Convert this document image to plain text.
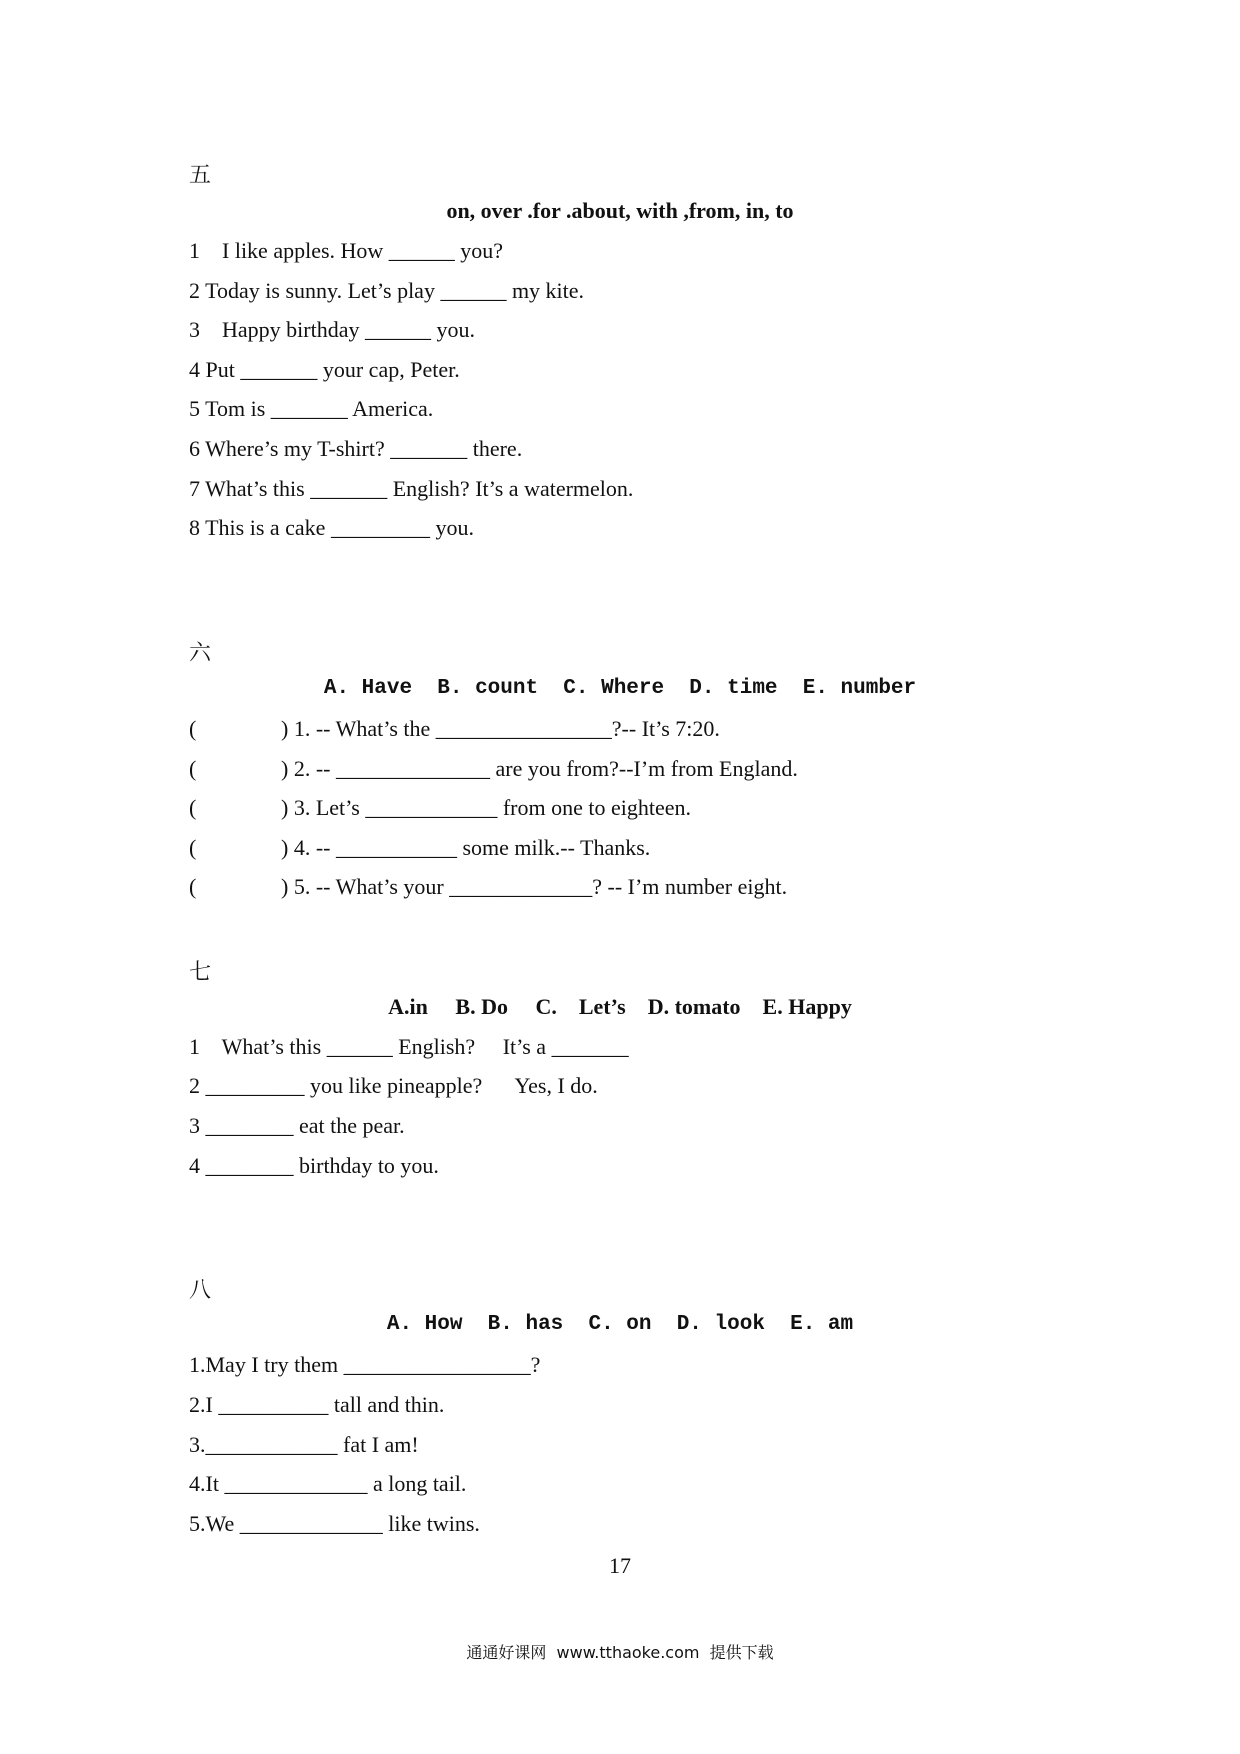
五
on, over .for .about, with ,from, in, to
1    I like apples. How ______ you?
2 Today is sunny. Let’s play ______ my kite.
3    Happy birthday ______ you.
4 Put _______ your cap, Peter.
5 Tom is _______ America.
6 Where’s my T-shirt? _______ there.
7 What’s this _______ English? It’s a watermelon.
8 This is a cake _________ you.
六
A. Have  B. count  C. Where  D. time  E. number
(	) 1. -- What’s the ________________?-- It’s 7:20.
(	) 2. -- ______________ are you from?--I’m from England.
(	) 3. Let’s ____________ from one to eighteen.
(	) 4. -- ___________ some milk.-- Thanks.
(	) 5. -- What’s your _____________? -- I’m number eight.
七
A.in     B. Do     C.    Let’s    D. tomato    E. Happy
1    What’s this ______ English?     It’s a _______
2 _________ you like pineapple?      Yes, I do.
3 ________ eat the pear.
4 ________ birthday to you.
八
A. How  B. has  C. on  D. look  E. am
1.May I try them _________________?
2.I __________ tall and thin.
3.____________ fat I am!
4.It _____________ a long tail.
5.We _____________ like twins.
17
通通好课网  www.tthaoke.com  提供下载
